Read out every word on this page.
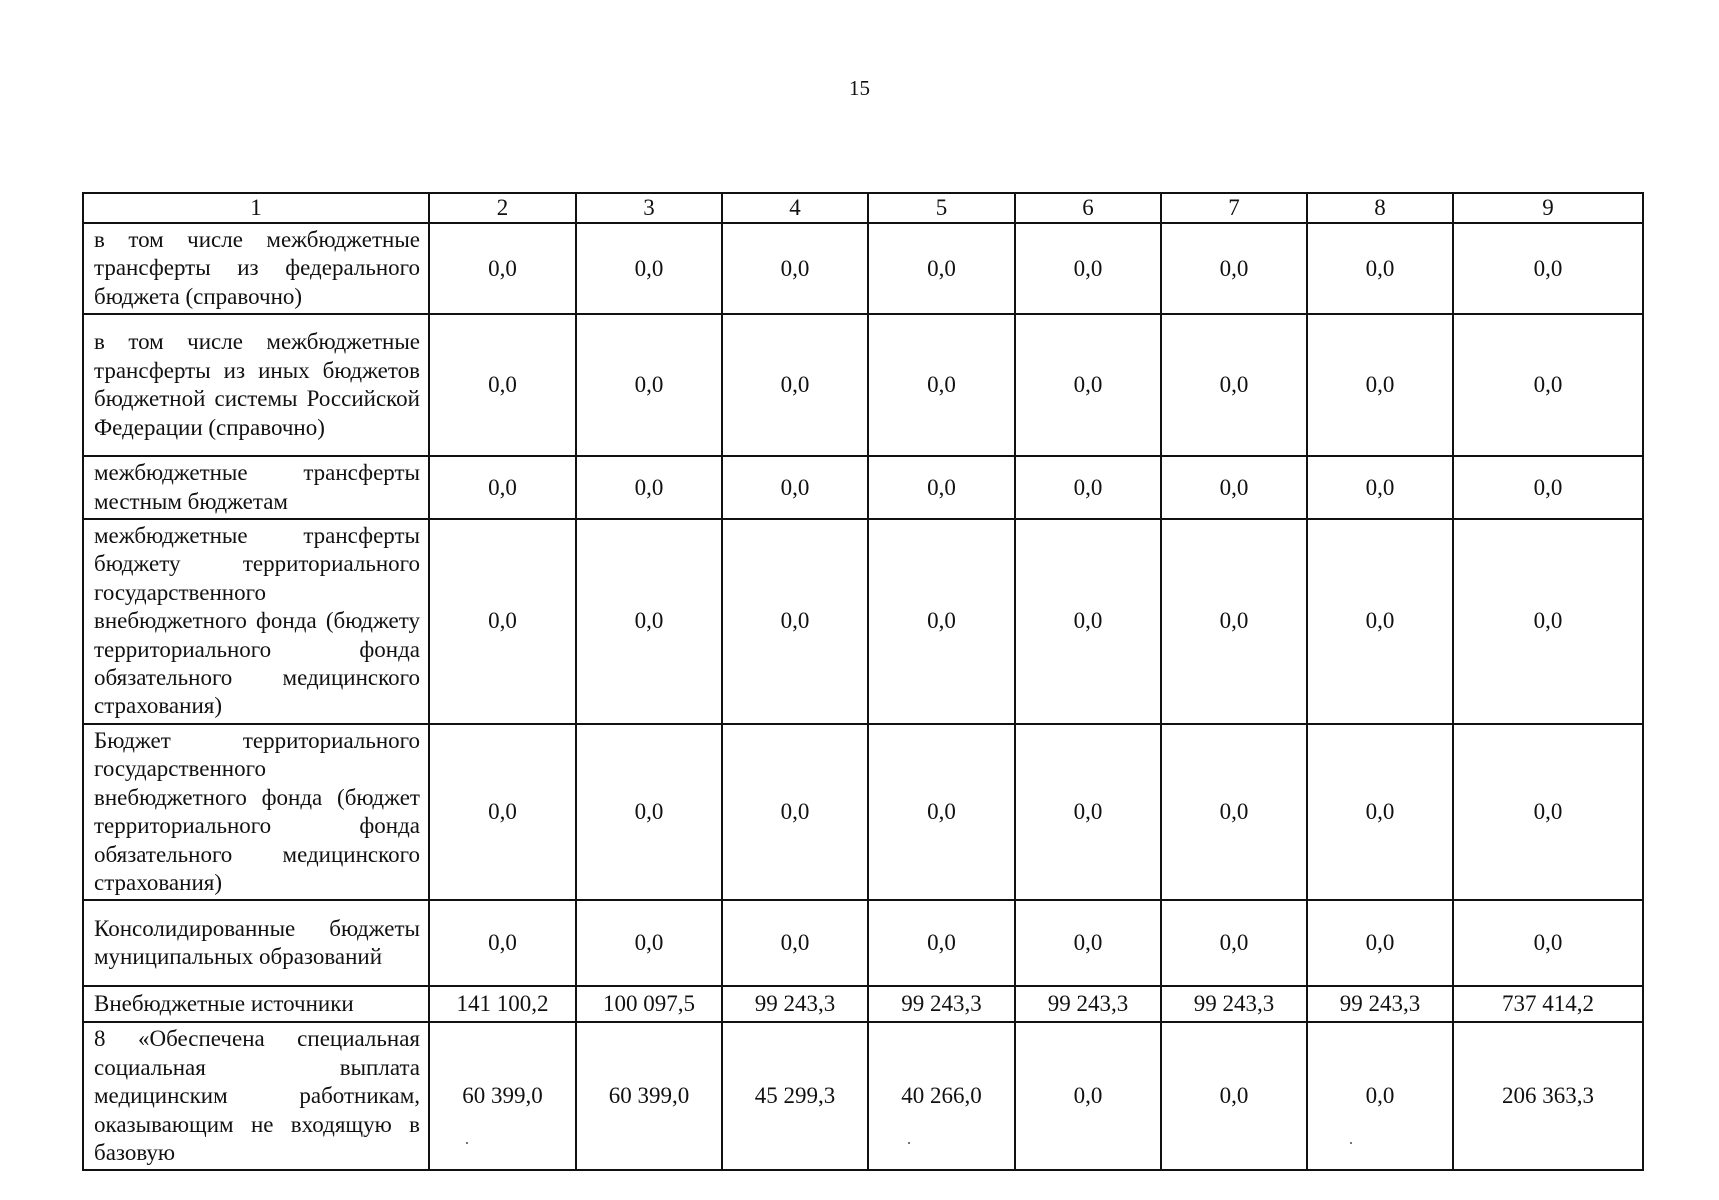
15
1	2	3	4	5	6	7	8	9
в том числе межбюджетные трансферты из федерального бюджета (справочно)	0,0	0,0	0,0	0,0	0,0	0,0	0,0	0,0
в том числе межбюджетные трансферты из иных бюджетов бюджетной системы Российской Федерации (справочно)	0,0	0,0	0,0	0,0	0,0	0,0	0,0	0,0
межбюджетные трансферты местным бюджетам	0,0	0,0	0,0	0,0	0,0	0,0	0,0	0,0
межбюджетные трансферты бюджету территориального государственного внебюджетного фонда (бюджету территориального фонда обязательного медицинского страхования)	0,0	0,0	0,0	0,0	0,0	0,0	0,0	0,0
Бюджет территориального государственного внебюджетного фонда (бюджет территориального фонда обязательного медицинского страхования)	0,0	0,0	0,0	0,0	0,0	0,0	0,0	0,0
Консолидированные бюджеты муниципальных образований	0,0	0,0	0,0	0,0	0,0	0,0	0,0	0,0
Внебюджетные источники	141 100,2	100 097,5	99 243,3	99 243,3	99 243,3	99 243,3	99 243,3	737 414,2
8 «Обеспечена специальная социальная выплата медицинским работникам, оказывающим не входящую в базовую	60 399,0	60 399,0	45 299,3	40 266,0	0,0	0,0	0,0	206 363,3
